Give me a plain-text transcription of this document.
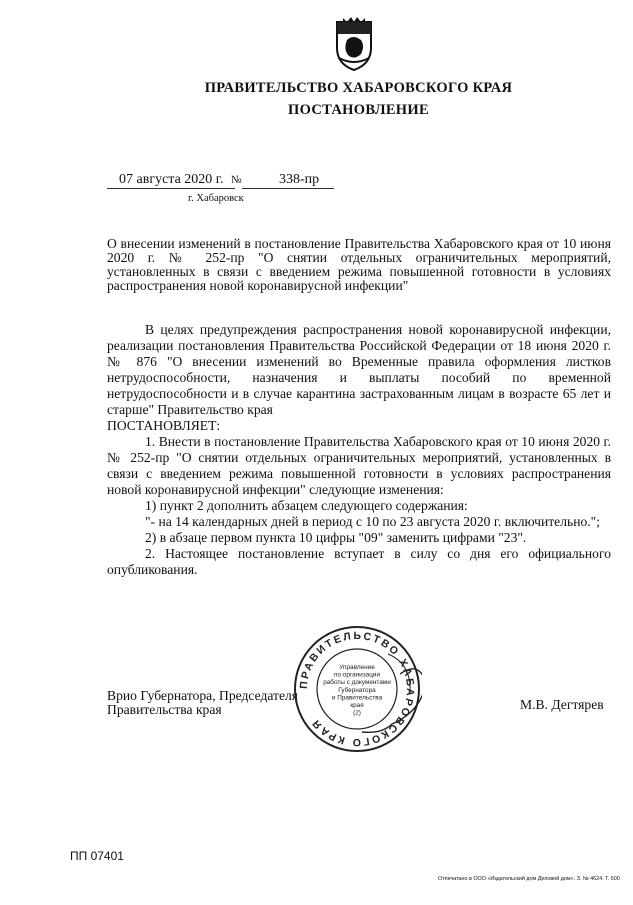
ПРАВИТЕЛЬСТВО ХАБАРОВСКОГО КРАЯ
ПОСТАНОВЛЕНИЕ
07 августа 2020 г. №	338-пр
г. Хабаровск
О внесении изменений в постановление Правительства Хабаровского края от 10 июня 2020 г. № 252-пр "О снятии отдельных ограничительных мероприятий, установленных в связи с введением режима повышенной готовности в условиях распространения новой коронавирусной инфекции"

В целях предупреждения распространения новой коронавирусной инфекции, реализации постановления Правительства Российской Федерации от 18 июня 2020 г. № 876 "О внесении изменений во Временные правила оформления листков нетрудоспособности, назначения и выплаты пособий по временной нетрудоспособности и в случае карантина застрахованным лицам в возрасте 65 лет и старше" Правительство края

ПОСТАНОВЛЯЕТ:

1. Внести в постановление Правительства Хабаровского края от 10 июня 2020 г. № 252-пр "О снятии отдельных ограничительных мероприятий, установленных в связи с введением режима повышенной готовности в условиях распространения новой коронавирусной инфекции" следующие изменения:

1) пункт 2 дополнить абзацем следующего содержания:

"- на 14 календарных дней в период с 10 по 23 августа 2020 г. включительно.";

2) в абзаце первом пункта 10 цифры "09" заменить цифрами "23".

2. Настоящее постановление вступает в силу со дня его официального опубликования.

Врио Губернатора, Председателя
Правительства края	М.В. Дегтярев
ПРАВИТЕЛЬСТВО ХАБАРОВСКОГО КРАЯ
Управление по организации работы с документами Губернатора и Правительства края (2)
ПП 07401
Отпечатано в ООО «Издательский дом Деловой дом». З. № 4624. Т. 500
